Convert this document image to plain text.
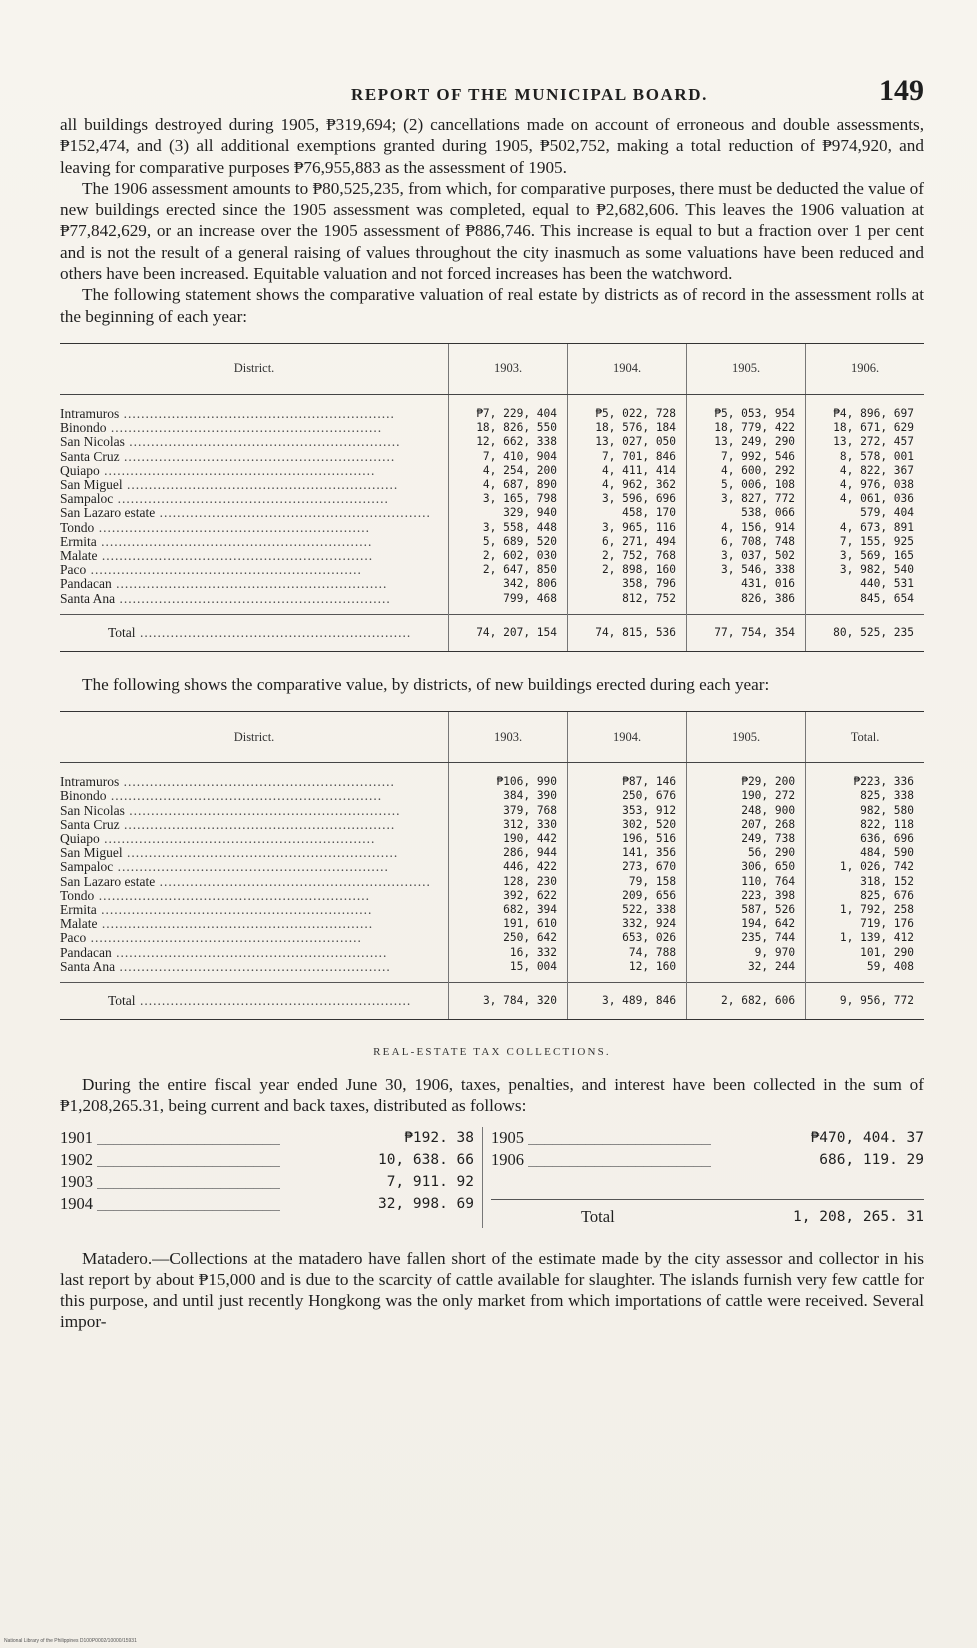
REPORT OF THE MUNICIPAL BOARD.	149

all buildings destroyed during 1905, ₱319,694; (2) cancellations made on account of erroneous and double assessments, ₱152,474, and (3) all additional exemptions granted during 1905, ₱502,752, making a total reduction of ₱974,920, and leaving for comparative purposes ₱76,955,883 as the assessment of 1905.

The 1906 assessment amounts to ₱80,525,235, from which, for comparative purposes, there must be deducted the value of new buildings erected since the 1905 assessment was completed, equal to ₱2,682,606. This leaves the 1906 valuation at ₱77,842,629, or an increase over the 1905 assessment of ₱886,746. This increase is equal to but a fraction over 1 per cent and is not the result of a general raising of values throughout the city inasmuch as some valuations have been reduced and others have been increased. Equitable valuation and not forced increases has been the watchword.

The following statement shows the comparative valuation of real estate by districts as of record in the assessment rolls at the beginning of each year:

District.	1903.	1904.	1905.	1906.

Intramuros .....	₱7, 229, 404	₱5, 022, 728	₱5, 053, 954	₱4, 896, 697

Binondo .....	18, 826, 550	18, 576, 184	18, 779, 422	18, 671, 629

San Nicolas .....	12, 662, 338	13, 027, 050	13, 249, 290	13, 272, 457

Santa Cruz .....	7, 410, 904	7, 701, 846	7, 992, 546	8, 578, 001

Quiapo .....	4, 254, 200	4, 411, 414	4, 600, 292	4, 822, 367

San Miguel .....	4, 687, 890	4, 962, 362	5, 006, 108	4, 976, 038

Sampaloc .....	3, 165, 798	3, 596, 696	3, 827, 772	4, 061, 036

San Lazaro estate .....	329, 940	458, 170	538, 066	579, 404

Tondo .....	3, 558, 448	3, 965, 116	4, 156, 914	4, 673, 891

Ermita .....	5, 689, 520	6, 271, 494	6, 708, 748	7, 155, 925

Malate .....	2, 602, 030	2, 752, 768	3, 037, 502	3, 569, 165

Paco .....	2, 647, 850	2, 898, 160	3, 546, 338	3, 982, 540

Pandacan .....	342, 806	358, 796	431, 016	440, 531

Santa Ana .....	799, 468	812, 752	826, 386	845, 654

Total .....	74, 207, 154	74, 815, 536	77, 754, 354	80, 525, 235

The following shows the comparative value, by districts, of new buildings erected during each year:

District.	1903.	1904.	1905.	Total.

Intramuros .....	₱106, 990	₱87, 146	₱29, 200	₱223, 336

Binondo .....	384, 390	250, 676	190, 272	825, 338

San Nicolas .....	379, 768	353, 912	248, 900	982, 580

Santa Cruz .....	312, 330	302, 520	207, 268	822, 118

Quiapo .....	190, 442	196, 516	249, 738	636, 696

San Miguel .....	286, 944	141, 356	56, 290	484, 590

Sampaloc .....	446, 422	273, 670	306, 650	1, 026, 742

San Lazaro estate .....	128, 230	79, 158	110, 764	318, 152

Tondo .....	392, 622	209, 656	223, 398	825, 676

Ermita .....	682, 394	522, 338	587, 526	1, 792, 258

Malate .....	191, 610	332, 924	194, 642	719, 176

Paco .....	250, 642	653, 026	235, 744	1, 139, 412

Pandacan .....	16, 332	74, 788	9, 970	101, 290

Santa Ana .....	15, 004	12, 160	32, 244	59, 408

Total .....	3, 784, 320	3, 489, 846	2, 682, 606	9, 956, 772
REAL-ESTATE TAX COLLECTIONS.

During the entire fiscal year ended June 30, 1906, taxes, penalties, and interest have been collected in the sum of ₱1,208,265.31, being current and back taxes, distributed as follows:

1901 _____	₱192. 38
1902 _____	10, 638. 66
1903 _____	7, 911. 92
1904 _____	32, 998. 69
1905 _____	₱470, 404. 37
1906 _____	686, 119. 29
Total	1, 208, 265. 31

Matadero.—Collections at the matadero have fallen short of the estimate made by the city assessor and collector in his last report by about ₱15,000 and is due to the scarcity of cattle available for slaughter. The islands furnish very few cattle for this purpose, and until just recently Hongkong was the only market from which importations of cattle were received. Several impor-

National Library of the Philippines D100P0002/10000/15931
